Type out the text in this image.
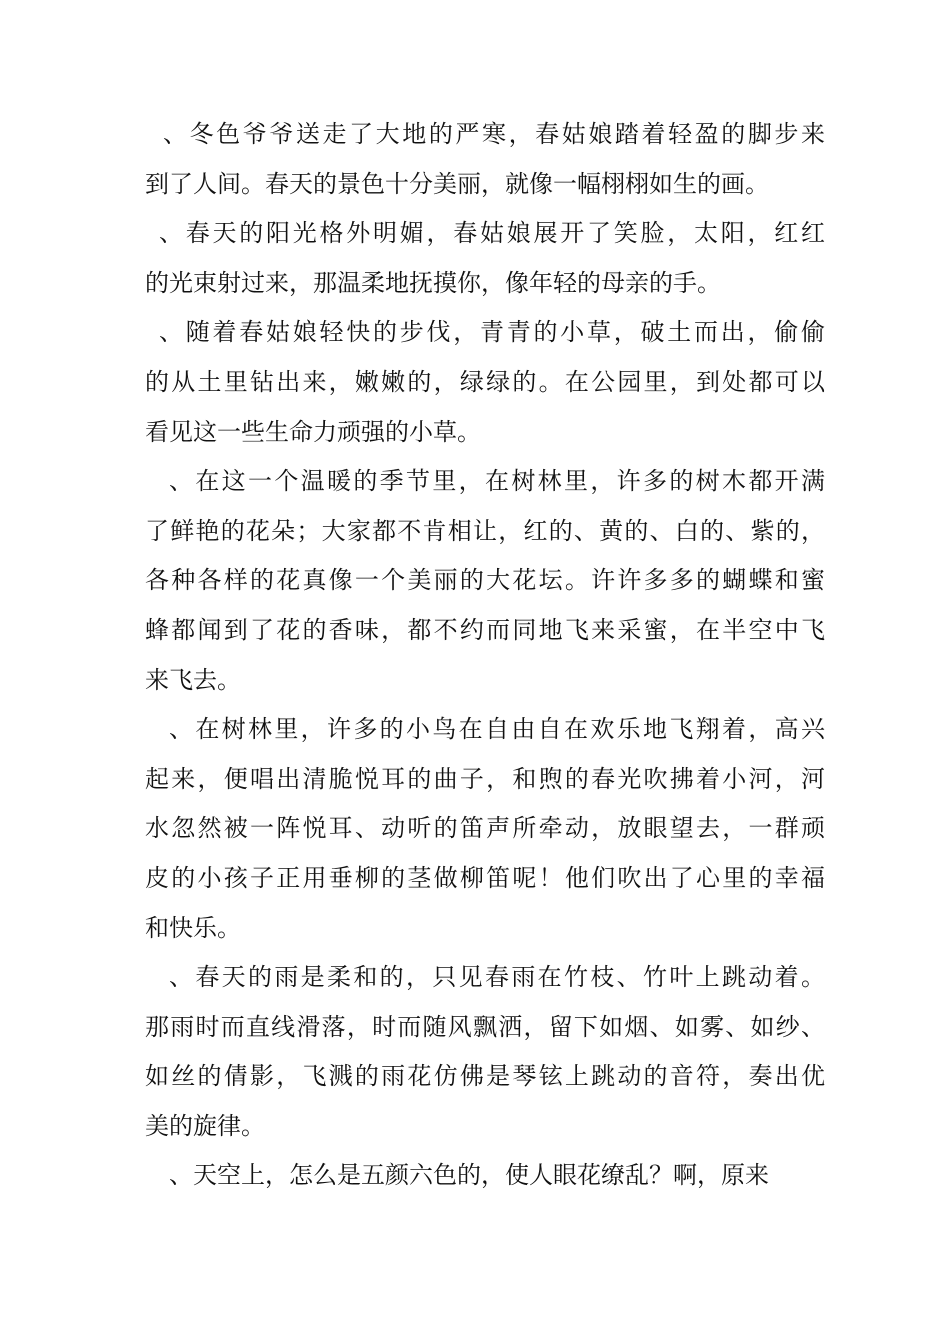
、冬色爷爷送走了大地的严寒，春姑娘踏着轻盈的脚步来
到了人间。春天的景色十分美丽，就像一幅栩栩如生的画。
、春天的阳光格外明媚，春姑娘展开了笑脸，太阳，红红
的光束射过来，那温柔地抚摸你，像年轻的母亲的手。
、随着春姑娘轻快的步伐，青青的小草，破土而出，偷偷
的从土里钻出来，嫩嫩的，绿绿的。在公园里，到处都可以
看见这一些生命力顽强的小草。
、在这一个温暖的季节里，在树林里，许多的树木都开满
了鲜艳的花朵；大家都不肯相让，红的、黄的、白的、紫的，
各种各样的花真像一个美丽的大花坛。许许多多的蝴蝶和蜜
蜂都闻到了花的香味，都不约而同地飞来采蜜，在半空中飞
来飞去。
、在树林里，许多的小鸟在自由自在欢乐地飞翔着，高兴
起来，便唱出清脆悦耳的曲子，和煦的春光吹拂着小河，河
水忽然被一阵悦耳、动听的笛声所牵动，放眼望去，一群顽
皮的小孩子正用垂柳的茎做柳笛呢！他们吹出了心里的幸福
和快乐。
、春天的雨是柔和的，只见春雨在竹枝、竹叶上跳动着。
那雨时而直线滑落，时而随风飘洒，留下如烟、如雾、如纱、
如丝的倩影，飞溅的雨花仿佛是琴铉上跳动的音符，奏出优
美的旋律。
、天空上，怎么是五颜六色的，使人眼花缭乱？啊，原来
